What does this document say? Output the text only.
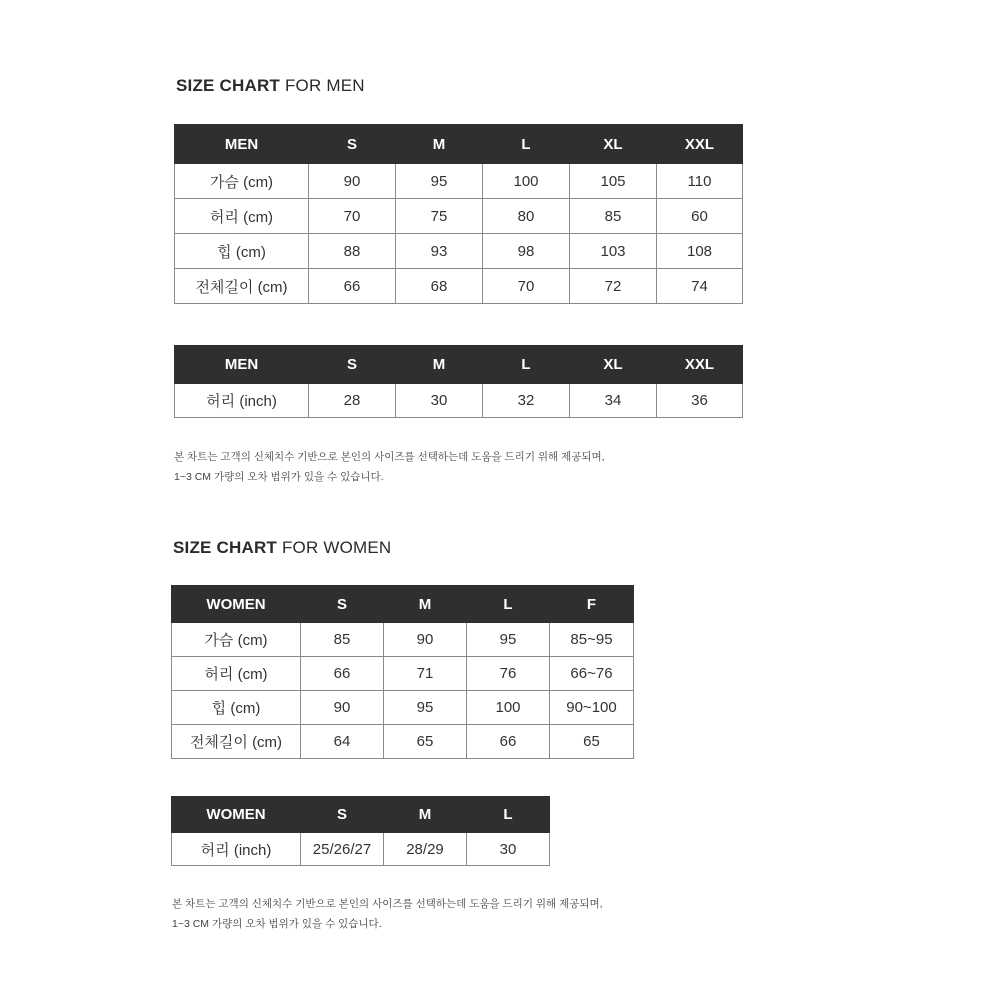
SIZE CHART FOR MEN
MEN	S	M	L	XL	XXL
가슴 (cm)	90	95	100	105	110
허리 (cm)	70	75	80	85	60
힙 (cm)	88	93	98	103	108
전체길이 (cm)	66	68	70	72	74
MEN	S	M	L	XL	XXL
허리 (inch)	28	30	32	34	36

본 차트는 고객의 신체치수 기반으로 본인의 사이즈를 선택하는데 도움을 드리기 위해 제공되며,

1~3 CM 가량의 오차 범위가 있을 수 있습니다.

SIZE CHART FOR WOMEN
WOMEN	S	M	L	F
가슴 (cm)	85	90	95	85~95
허리 (cm)	66	71	76	66~76
힙 (cm)	90	95	100	90~100
전체길이 (cm)	64	65	66	65
WOMEN	S	M	L
허리 (inch)	25/26/27	28/29	30

본 차트는 고객의 신체치수 기반으로 본인의 사이즈를 선택하는데 도움을 드리기 위해 제공되며,

1~3 CM 가량의 오차 범위가 있을 수 있습니다.
